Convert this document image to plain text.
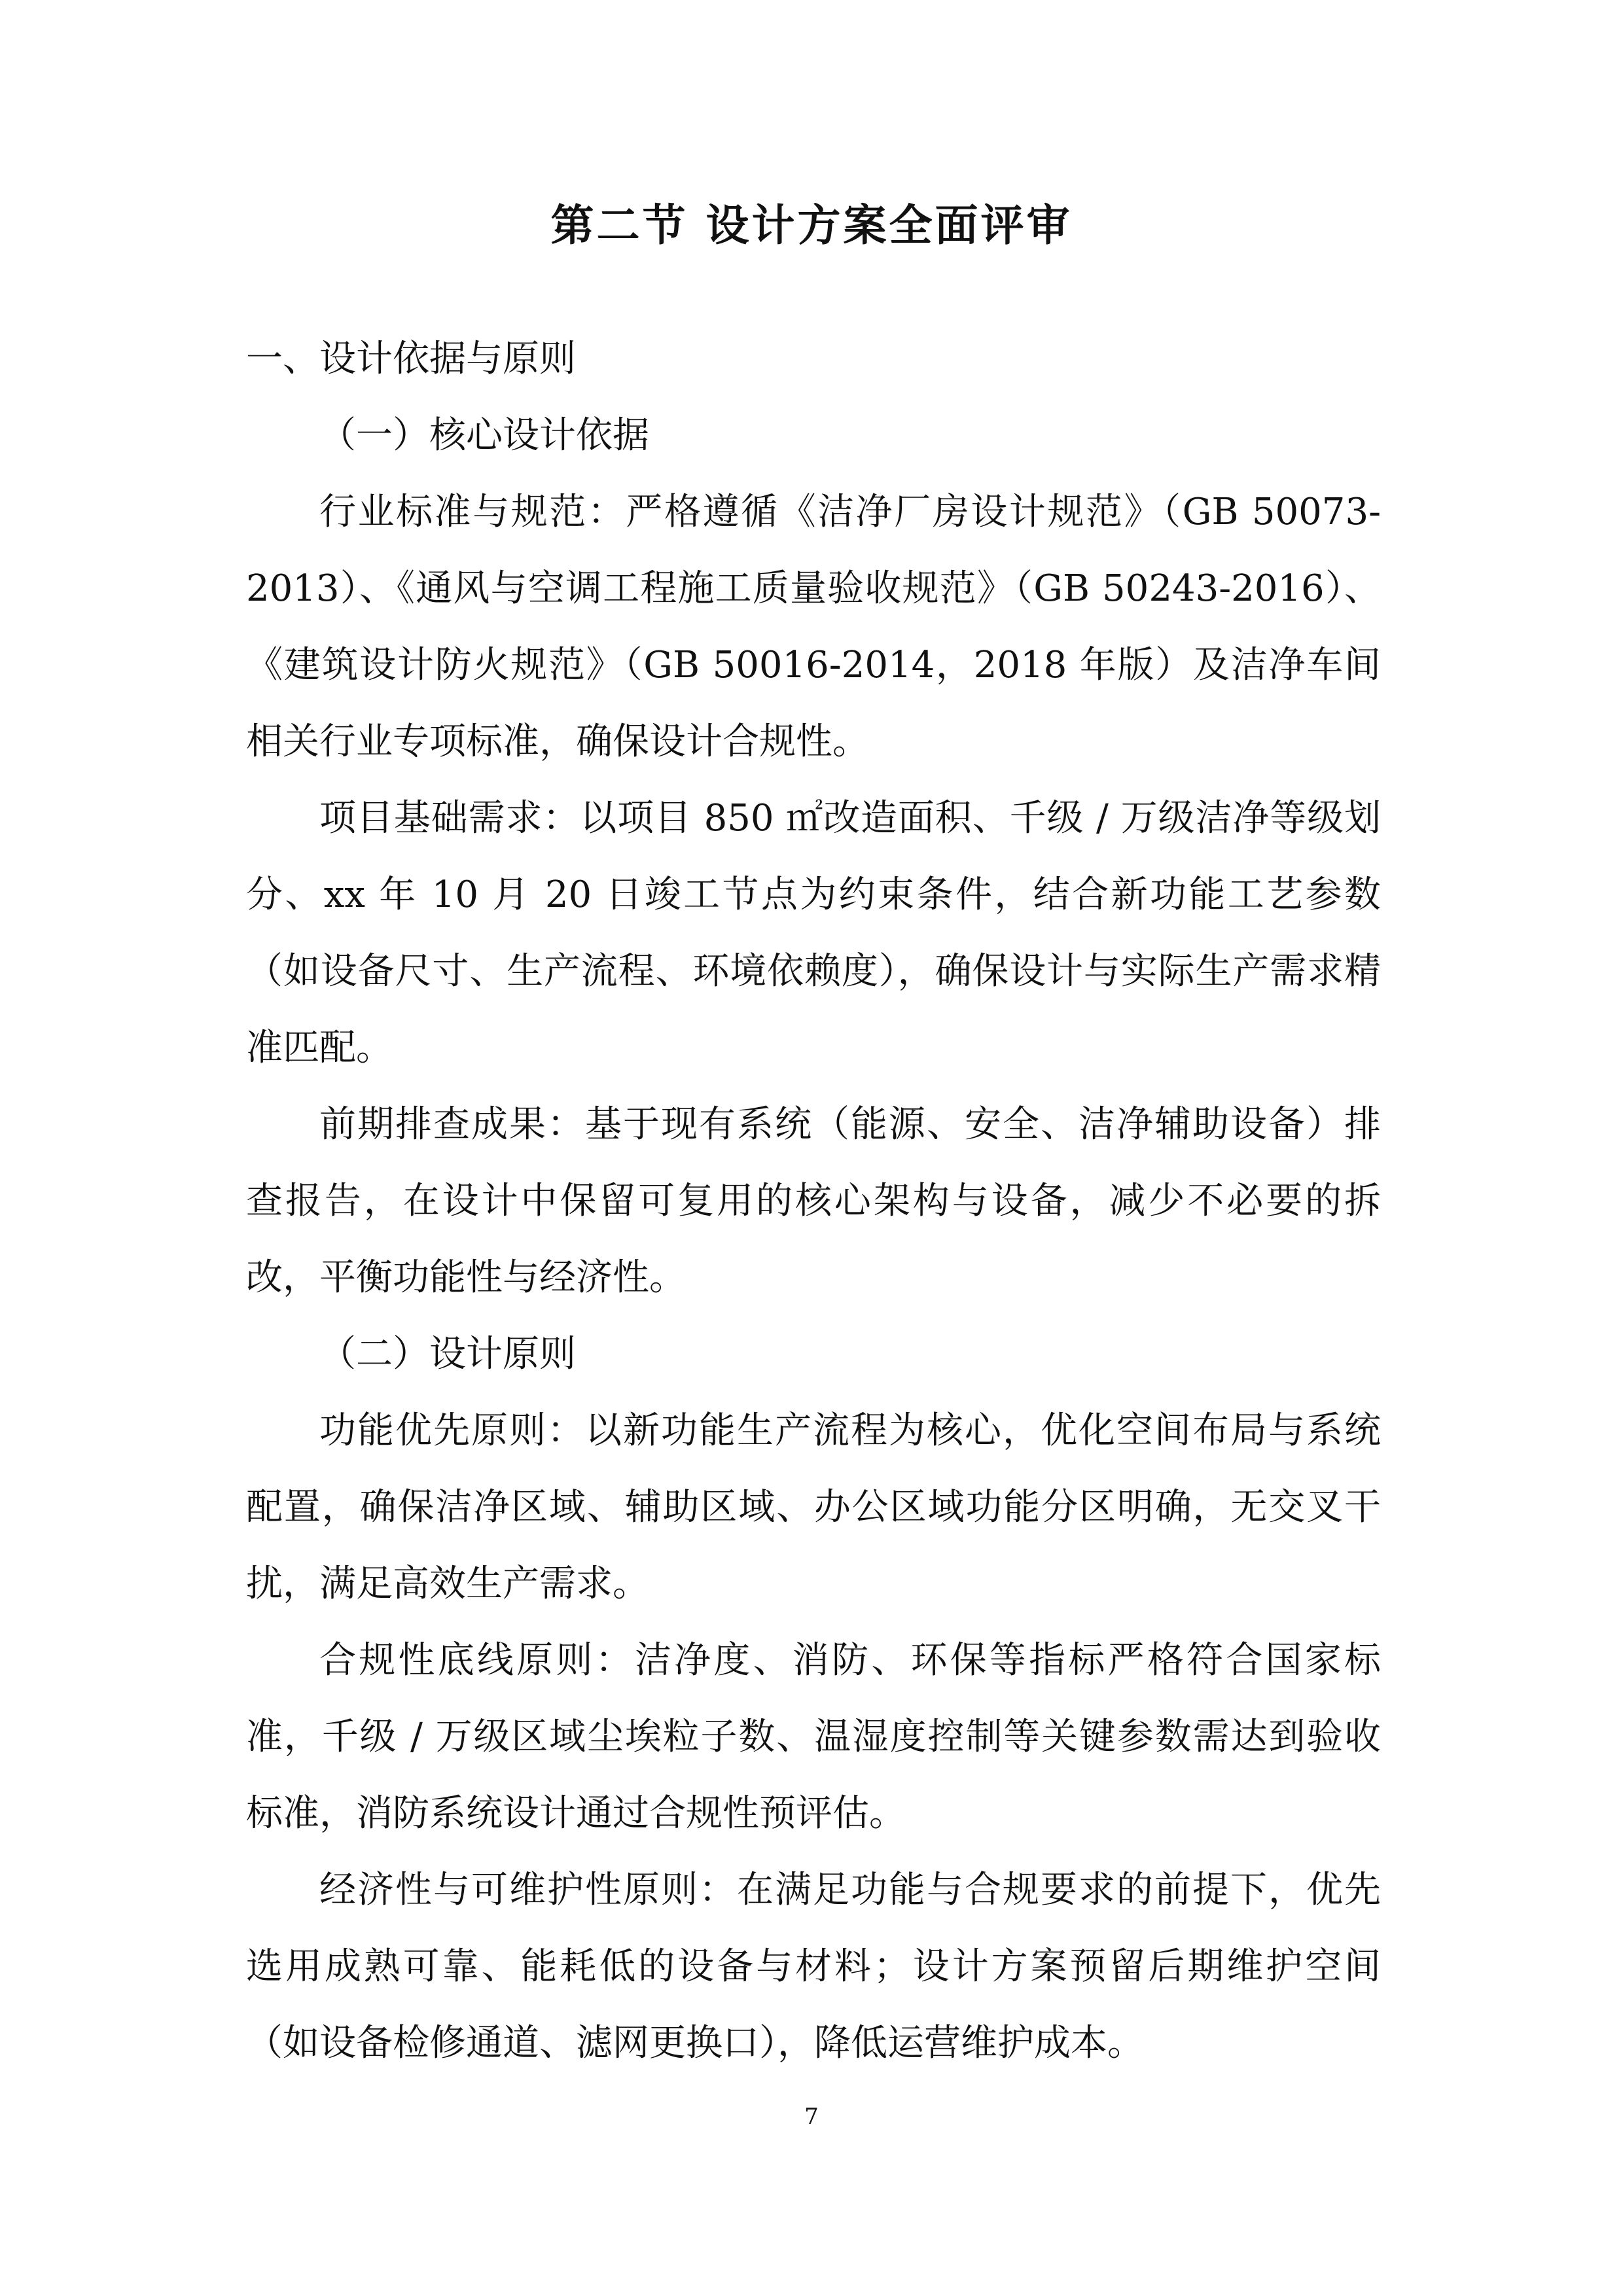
第二节 设计方案全面评审

一、设计依据与原则

（一）核心设计依据

行业标准与规范：严格遵循《洁净厂房设计规范》（GB 50073-2013）、《通风与空调工程施工质量验收规范》（GB 50243-2016）、《建筑设计防火规范》（GB 50016-2014，2018 年版）及洁净车间相关行业专项标准，确保设计合规性。

项目基础需求：以项目 850 ㎡改造面积、千级 / 万级洁净等级划分、xx 年 10 月 20 日竣工节点为约束条件，结合新功能工艺参数（如设备尺寸、生产流程、环境依赖度），确保设计与实际生产需求精准匹配。

前期排查成果：基于现有系统（能源、安全、洁净辅助设备）排查报告，在设计中保留可复用的核心架构与设备，减少不必要的拆改，平衡功能性与经济性。

（二）设计原则

功能优先原则：以新功能生产流程为核心，优化空间布局与系统配置，确保洁净区域、辅助区域、办公区域功能分区明确，无交叉干扰，满足高效生产需求。

合规性底线原则：洁净度、消防、环保等指标严格符合国家标准，千级 / 万级区域尘埃粒子数、温湿度控制等关键参数需达到验收标准，消防系统设计通过合规性预评估。

经济性与可维护性原则：在满足功能与合规要求的前提下，优先选用成熟可靠、能耗低的设备与材料；设计方案预留后期维护空间（如设备检修通道、滤网更换口），降低运营维护成本。

7
